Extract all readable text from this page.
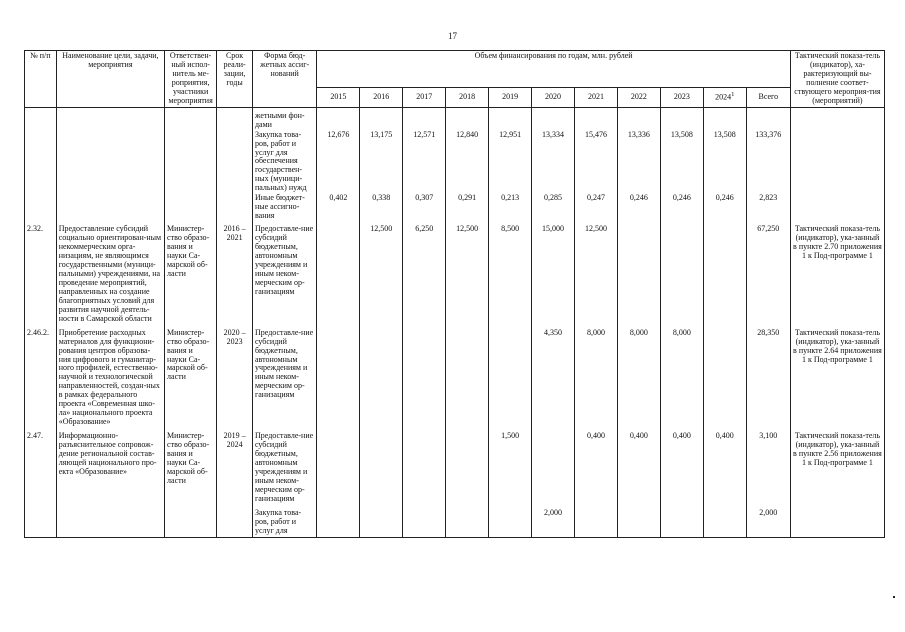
17
№ п/п	Наименование цели, задачи, мероприятия	Ответствен-ный испол-нитель ме-роприятия, участники мероприятия	Срок реали-зации, годы	Форма бюд-жетных ассиг-нований	Объем финансирования по годам, млн. рублей											Тактический показа-тель (индикатор), ха-рактеризующий вы-полнение соответ-ствующего мероприя-тия (мероприятий)
					2015	2016	2017	2018	2019	2020	2021	2022	2023	2024$^1$	Всего	
				жетными фон-дами												
				Закупка това-ров, работ и услуг для обеспечения государствен-ных (муници-пальных) нужд	12,676	13,175	12,571	12,840	12,951	13,334	15,476	13,336	13,508	13,508	133,376	
				Иные бюджет-ные ассигно-вания	0,402	0,338	0,307	0,291	0,213	0,285	0,247	0,246	0,246	0,246	2,823	
2.32.	Предоставление субсидий социально ориентирован-ным некоммерческим орга-низациям, не являющимся государственными (муници-пальными) учреждениями, на проведение мероприятий, направленных на создание благоприятных условий для развития научной деятель-ности в Самарской области	Министер-ство образо-вания и науки Са-марской об-ласти	2016 – 2021	Предоставле-ние субсидий бюджетным, автономным учреждениям и иным неком-мерческим ор-ганизациям		12,500	6,250	12,500	8,500	15,000	12,500				67,250	Тактический показа-тель (индикатор), ука-занный в пункте 2.70 приложения 1 к Под-программе 1
2.46.2.	Приобретение расходных материалов для функциони-рования центров образова-ния цифрового и гуманитар-ного профилей, естественно-научной и технологической направленностей, создан-ных в рамках федерального проекта «Современная шко-ла» национального проекта «Образование»	Министер-ство образо-вания и науки Са-марской об-ласти	2020 – 2023	Предоставле-ние субсидий бюджетным, автономным учреждениям и иным неком-мерческим ор-ганизациям						4,350	8,000	8,000	8,000		28,350	Тактический показа-тель (индикатор), ука-занный в пункте 2.64 приложения 1 к Под-программе 1
2.47.	Информационно-разъяснительное сопровож-дение региональной состав-ляющей национального про-екта «Образование»	Министер-ство образо-вания и науки Са-марской об-ласти	2019 – 2024	Предоставле-ние субсидий бюджетным, автономным учреждениям и иным неком-мерческим ор-ганизациям					1,500		0,400	0,400	0,400	0,400	3,100	Тактический показа-тель (индикатор), ука-занный в пункте 2.56 приложения 1 к Под-программе 1
				Закупка това-ров, работ и услуг для						2,000					2,000	
